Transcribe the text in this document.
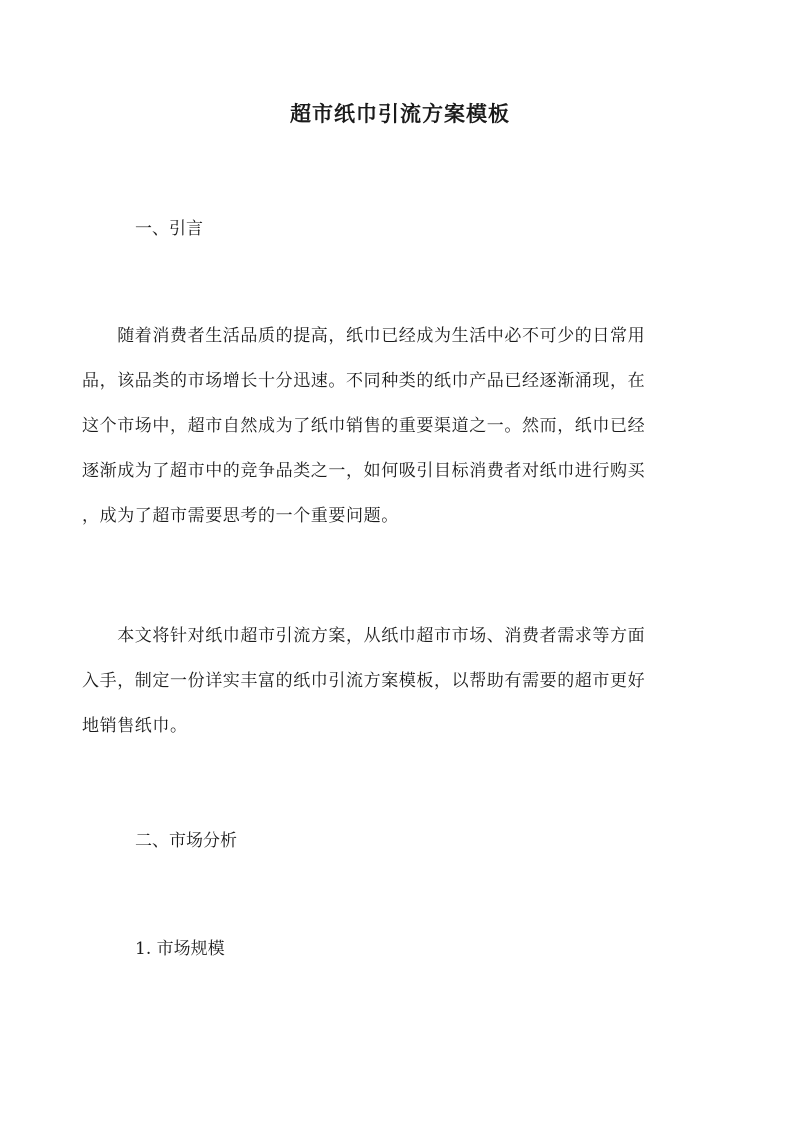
超市纸巾引流方案模板
一、引言
　　随着消费者生活品质的提高，纸巾已经成为生活中必不可少的日常用
品，该品类的市场增长十分迅速。不同种类的纸巾产品已经逐渐涌现，在
这个市场中，超市自然成为了纸巾销售的重要渠道之一。然而，纸巾已经
逐渐成为了超市中的竞争品类之一，如何吸引目标消费者对纸巾进行购买
，成为了超市需要思考的一个重要问题。
　　本文将针对纸巾超市引流方案，从纸巾超市市场、消费者需求等方面
入手，制定一份详实丰富的纸巾引流方案模板，以帮助有需要的超市更好
地销售纸巾。
二、市场分析
1. 市场规模
